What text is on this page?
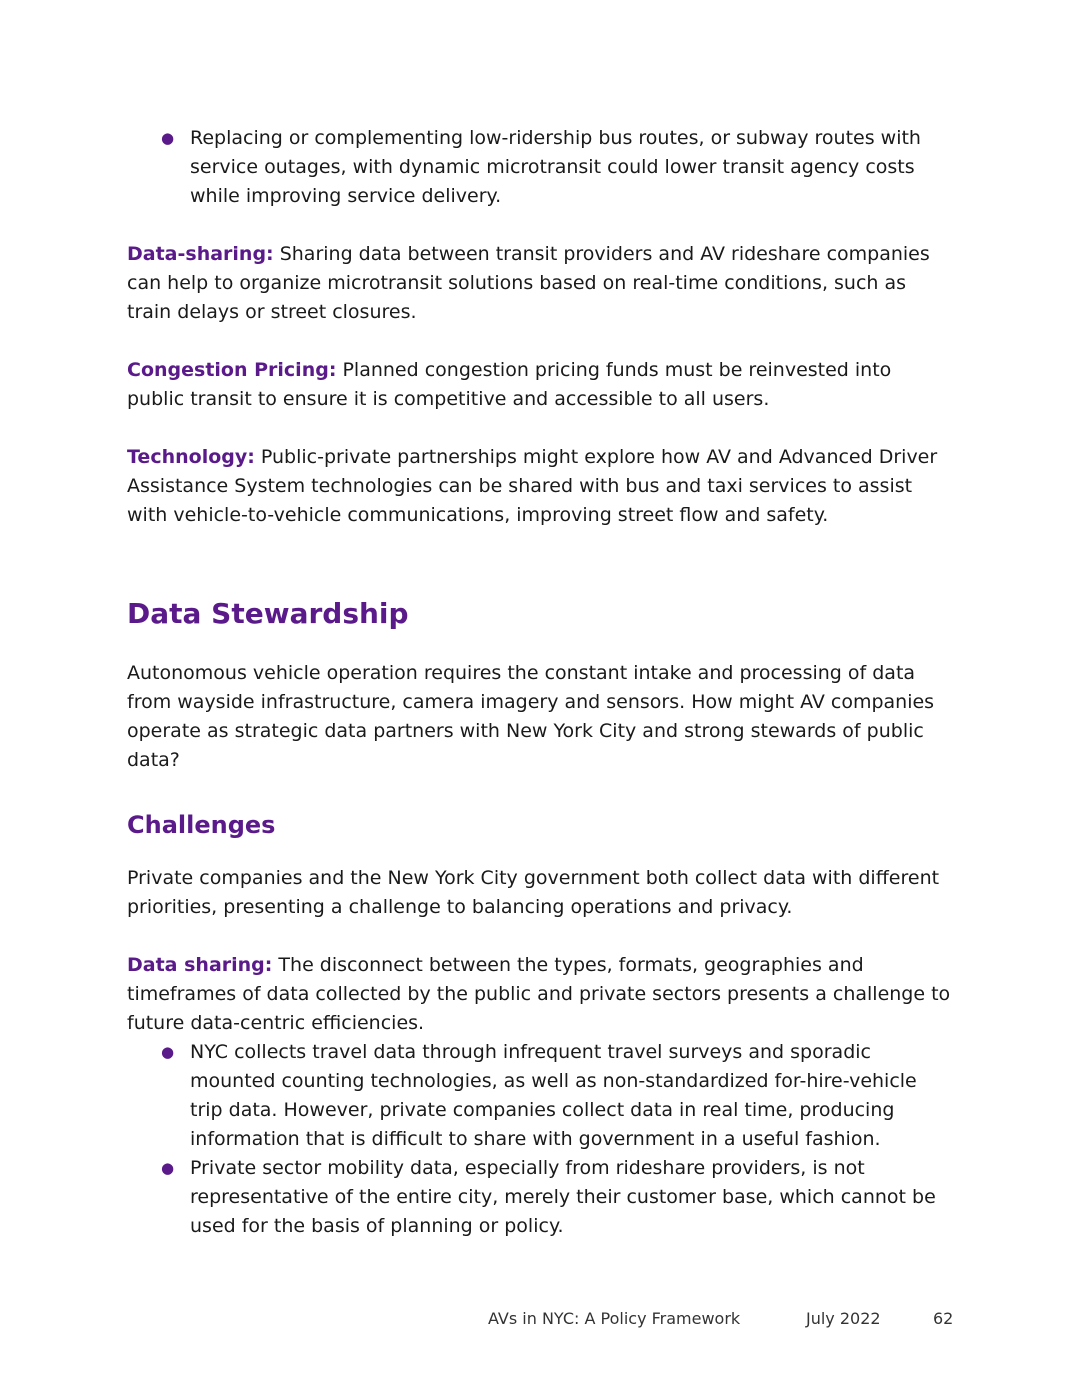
● Replacing or complementing low-ridership bus routes, or subway routes with service outages, with dynamic microtransit could lower transit agency costs while improving service delivery.

Data-sharing: Sharing data between transit providers and AV rideshare companies can help to organize microtransit solutions based on real-time conditions, such as train delays or street closures.

Congestion Pricing: Planned congestion pricing funds must be reinvested into public transit to ensure it is competitive and accessible to all users.

Technology: Public-private partnerships might explore how AV and Advanced Driver Assistance System technologies can be shared with bus and taxi services to assist with vehicle-to-vehicle communications, improving street flow and safety.

Data Stewardship

Autonomous vehicle operation requires the constant intake and processing of data from wayside infrastructure, camera imagery and sensors. How might AV companies operate as strategic data partners with New York City and strong stewards of public data?

Challenges

Private companies and the New York City government both collect data with different priorities, presenting a challenge to balancing operations and privacy.

Data sharing: The disconnect between the types, formats, geographies and timeframes of data collected by the public and private sectors presents a challenge to future data-centric efficiencies.

● NYC collects travel data through infrequent travel surveys and sporadic mounted counting technologies, as well as non-standardized for-hire-vehicle trip data. However, private companies collect data in real time, producing information that is difficult to share with government in a useful fashion.
● Private sector mobility data, especially from rideshare providers, is not representative of the entire city, merely their customer base, which cannot be used for the basis of planning or policy.
AVs in NYC: A Policy Framework	July 2022	62
